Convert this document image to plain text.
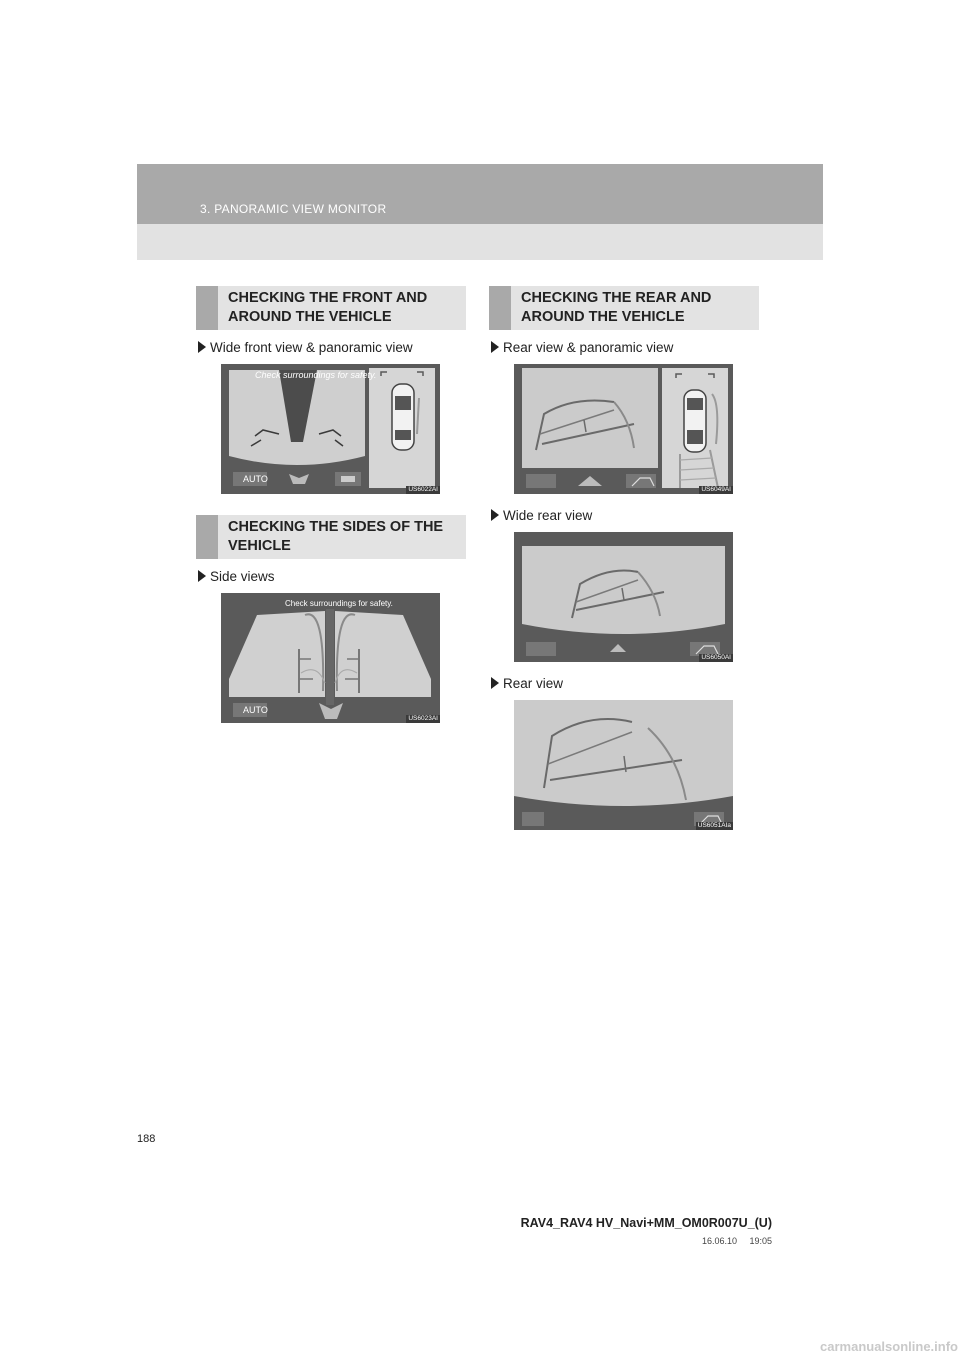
3. PANORAMIC VIEW MONITOR
CHECKING THE FRONT AND
AROUND THE VEHICLE
Wide front view & panoramic view
Check surroundings for safety.
AUTO
US6022AI
CHECKING THE SIDES OF THE
VEHICLE
Side views
Check surroundings for safety.
AUTO
US6023AI
CHECKING THE REAR AND
AROUND THE VEHICLE
Rear view & panoramic view
US6049AI
Wide rear view
US6050AI
Rear view
US6051AIa
188
RAV4_RAV4 HV_Navi+MM_OM0R007U_(U)
16.06.10     19:05
carmanualsonline.info
